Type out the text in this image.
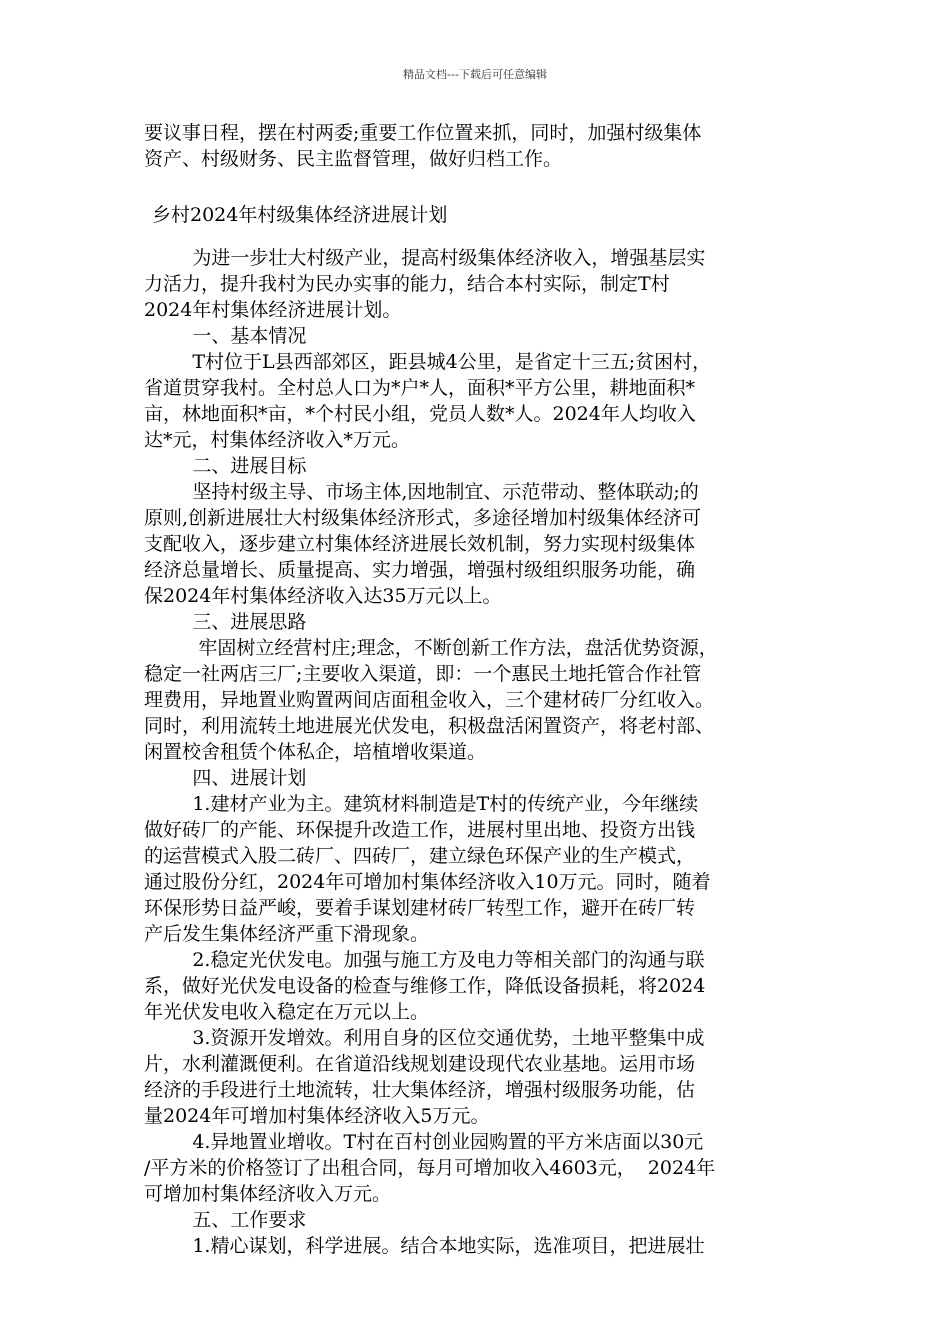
精品文档---下载后可任意编辑
要议事日程，摆在村两委;重要工作位置来抓，同时，加强村级集体
资产、村级财务、民主监督管理，做好归档工作。
乡村2024年村级集体经济进展计划
为进一步壮大村级产业，提高村级集体经济收入，增强基层实
力活力，提升我村为民办实事的能力，结合本村实际，制定T村
2024年村集体经济进展计划。
一、基本情况
T村位于L县西部郊区，距县城4公里，是省定十三五;贫困村，
省道贯穿我村。全村总人口为*户*人，面积*平方公里，耕地面积*
亩，林地面积*亩，*个村民小组，党员人数*人。2024年人均收入
达*元，村集体经济收入*万元。
二、进展目标
坚持村级主导、市场主体,因地制宜、示范带动、整体联动;的
原则,创新进展壮大村级集体经济形式，多途径增加村级集体经济可
支配收入，逐步建立村集体经济进展长效机制，努力实现村级集体
经济总量增长、质量提高、实力增强，增强村级组织服务功能，确
保2024年村集体经济收入达35万元以上。
三、进展思路
牢固树立经营村庄;理念，不断创新工作方法，盘活优势资源，
稳定一社两店三厂;主要收入渠道，即：一个惠民土地托管合作社管
理费用，异地置业购置两间店面租金收入，三个建材砖厂分红收入。
同时，利用流转土地进展光伏发电，积极盘活闲置资产，将老村部、
闲置校舍租赁个体私企，培植增收渠道。
四、进展计划
1.建材产业为主。建筑材料制造是T村的传统产业，今年继续
做好砖厂的产能、环保提升改造工作，进展村里出地、投资方出钱
的运营模式入股二砖厂、四砖厂，建立绿色环保产业的生产模式，
通过股份分红，2024年可增加村集体经济收入10万元。同时，随着
环保形势日益严峻，要着手谋划建材砖厂转型工作，避开在砖厂转
产后发生集体经济严重下滑现象。
2.稳定光伏发电。加强与施工方及电力等相关部门的沟通与联
系，做好光伏发电设备的检查与维修工作，降低设备损耗，将2024
年光伏发电收入稳定在万元以上。
3.资源开发增效。利用自身的区位交通优势，土地平整集中成
片，水利灌溉便利。在省道沿线规划建设现代农业基地。运用市场
经济的手段进行土地流转，壮大集体经济，增强村级服务功能，估
量2024年可增加村集体经济收入5万元。
4.异地置业增收。T村在百村创业园购置的平方米店面以30元
/平方米的价格签订了出租合同，每月可增加收入4603元，  2024年
可增加村集体经济收入万元。
五、工作要求
1.精心谋划，科学进展。结合本地实际，选准项目，把进展壮
